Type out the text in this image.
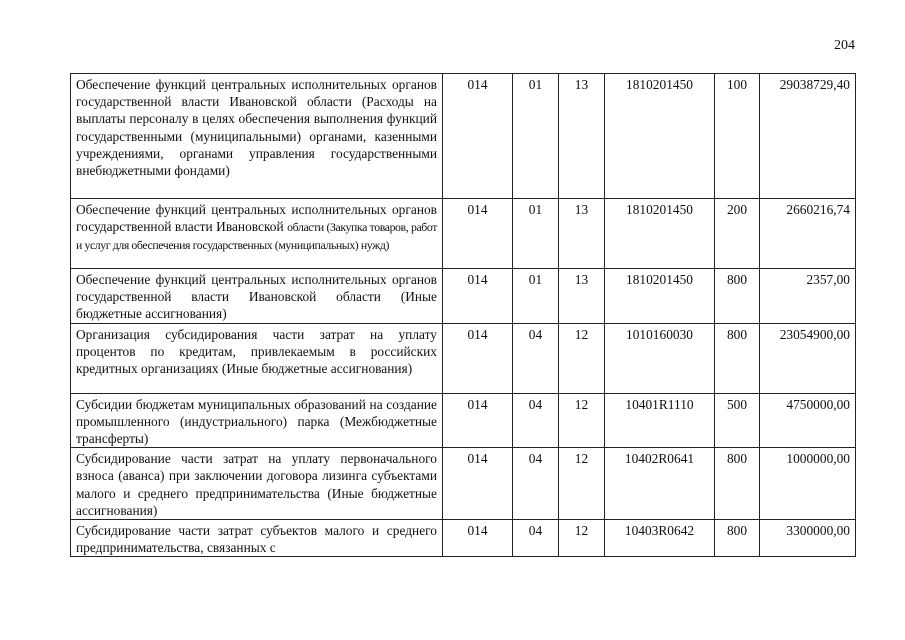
204
Обеспечение функций центральных исполнительных органов государственной власти Ивановской области (Расходы на выплаты персоналу в целях обеспечения выполнения функций государственными (муниципальными) органами, казенными учреждениями, органами управления государственными внебюджетными фондами)	014	01	13	1810201450	100	29038729,40
Обеспечение функций центральных исполнительных органов государственной власти Ивановской области (Закупка товаров, работ и услуг для обеспечения государственных (муниципальных) нужд)	014	01	13	1810201450	200	2660216,74
Обеспечение функций центральных исполнительных органов государственной власти Ивановской области (Иные бюджетные ассигнования)	014	01	13	1810201450	800	2357,00
Организация субсидирования части затрат на уплату процентов по кредитам, привлекаемым в российских кредитных организациях (Иные бюджетные ассигнования)	014	04	12	1010160030	800	23054900,00
Субсидии бюджетам муниципальных образований на создание промышленного (индустриального) парка (Межбюджетные трансферты)	014	04	12	10401R1110	500	4750000,00
Субсидирование части затрат на уплату первоначального взноса (аванса) при заключении договора лизинга субъектами малого и среднего предпринимательства (Иные бюджетные ассигнования)	014	04	12	10402R0641	800	1000000,00
Субсидирование части затрат субъектов малого и среднего предпринимательства, связанных с	014	04	12	10403R0642	800	3300000,00
